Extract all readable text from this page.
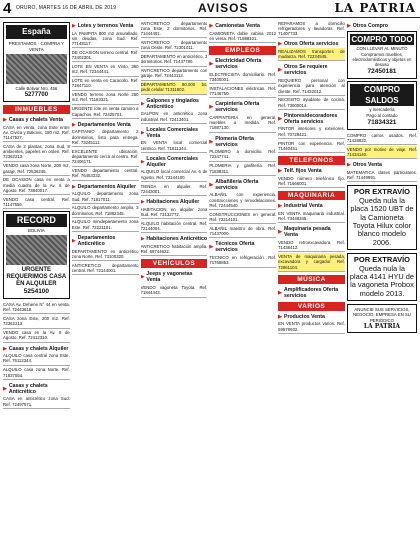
4 ORURO, MARTES 16 DE ABRIL DE 2019	AVISOS	LA PATRIA
España
PRESTAMOS · COMPRA Y VENTA
Calle Bolivar Nro. 456
5277700
INMUEBLES
▶ Casas y chalets Venta
CASA en venta, zona Este entre Av. Cívica y Bakovic, 180 m2. Ref. 71147527.
CASA de 2 plantas, zona Sud, 8 ambientes, papeles en orden. Ref. 72362213.
VENDO casa zona Norte, 200 m2, garaje. Ref. 72536245.
DE OCASION casa en venta a media cuadra de la Av. 6 de Agosto. Ref. 73840017.
VENDO casa central, Ref. 71147556.
RECORD
BOLIVIA
URGENTE REQUERIMOS CASA EN ALQUILER
5254100
CASA Av. Dehene N° 44 en venta. Ref. 72443618.
CASA zona Este, 200 m2. Ref. 72362213.
VENDO casa en la Av. 6 de Agosto. Ref. 72412310.
▶ Casas y chalets Alquiler
ALQUILO casa central zona Este. Ref. 76112344.
ALQUILO casa zona Norte. Ref. 71837554.
▶ Casas y chalets Anticrético
CASA en anticrético zona Sud. Ref. 72497571.
▶ Lotes y terrenos Venta
LA PAMPITA 800 m2 amurallado, sin deudas, zona Sud. Ref. 77148117.
DE OCASION terreno central. Ref. 73402301.
LOTE EN VENTA en Vinto, 360 m2. Ref. 72344441.
LOTE en venta en Caracollo. Ref. 71847110.
VENDO terreno zona Norte 250 m2. Ref. 71163321.
URGENTE lote en venta camino a Capachos. Ref. 72425701.
▶ Departamentos Venta
CAPITANIO departamento 2 dormitorios, listo para entrega. Ref. 73245111.
EXCELENTE ubicación, departamento cerca al centro. Ref. 72406171.
VENDO departamento central. Ref. 76453332.
▶ Departamentos Alquiler
ALQUILO departamento zona Sud. Ref. 71817011.
ALQUILO departamento amplio, 3 dormitorios. Ref. 71882345.
ALQUILO minidepartamento zona Este. Ref. 72221101.
▶ Departamentos Anticrético
DEPARTAMENTO en anticrético zona Norte. Ref. 73100320.
ANTICRETICO departamento central. Ref. 72144001.
ANTICRETICO departamento zona Este, 2 dormitorios. Ref. 71444401.
ANTICRETICO departamento zona Oeste. Ref. 72301011.
DEPARTAMENTO en anticrético, 3 dormitorios. Ref. 71437780.
ANTICRETICO departamento con garaje. Ref. 72443112.
DEPARTAMENTO 80.000 bs. pedir celular 71311802.
▶ Galpones y tinglados Anticrético
GALPON en anticrético zona industrial. Ref. 72413401.
▶ Locales Comerciales Venta
EN VENTA local comercial céntrico. Ref. 71811344.
▶ Locales Comerciales Alquiler
ALQUILO local comercial Av. 6 de Agosto. Ref. 73144100.
TIENDA en alquiler. Ref. 72443001.
▶ Habitaciones Alquiler
HABITACION en alquiler zona Sud. Ref. 73132772.
ALQUILO habitación central. Ref. 72144004.
▶ Habitaciones Anticrético
ANTICRETICO habitación amplia. Ref. 69744622.
VEHÍCULOS
▶ Jeeps y vagonetas Venta
VENDO vagoneta Toyota. Ref. 71844443.
▶ Camionetas Venta
CAMIONETA doble cabina 2012 en venta. Ref. 71888101.
EMPLEOS
▶ Electricidad Oferta servicios
ELECTRICISTA domiciliario. Ref. 73400001.
INSTALACIONES eléctricas. Ref. 77146750.
▶ Carpintería Oferta servicios
CARPINTERIA en general, muebles a medida. Ref. 71887130.
▶ Plomería Oferta servicios
PLOMERO a domicilio. Ref. 72347741.
PLOMERIA y gasfitería. Ref. 71838311.
▶ Albañilería Oferta servicios
ALBAÑIL con experiencia, construcciones y remodelaciones. Ref. 72444540.
CONSTRUCCIONES en general. Ref. 73214101.
ALBAÑIL maestro de obra. Ref. 71437000.
▶ Técnicos Oferta servicios
TECNICO en refrigeración. Ref. 71768853.
REPARAMOS a domicilio refrigeradores y lavadoras. Ref. 71407733.
▶ Otros Oferta servicios
REALIZAMOS transportes de mudanza. Ref. 72234545.
▶ Otros Se requiere servicios
REQUIERO personal con experiencia para atención al cliente. Ref. 71432012.
NECESITO ayudante de cocina. Ref. 73000014.
▶ Pintores/decoradores Oferta servicios
PINTOR interiores y exteriores. Ref. 70728421.
PINTOR con experiencia. Ref. 71440451.
TELEFONOS
▶ Telf. fijos Venta
VENDO número telefónico fijo. Ref. 71666001.
MAQUINARIA
▶ Industrial Venta
EN VENTA maquinaria industrial. Ref. 73448345.
▶ Maquinaria pesada Venta
VENDO retroexcavadora. Ref. 71438412.
VENTA de maquinaria pesada, excavadora y cargador. Ref. 72861104.
MÚSICA
▶ Amplificadores Oferta servicios
VARIOS
▶ Productos Venta
EN VENTA productos varios. Ref. 69578932.
▶ Otros Compro
COMPRO TODO
CON LLEVAR AL MINUTO
Compramos muebles, electrodomésticos y objetos en desuso
72450181
COMPRO SALDOS
y mercadería
Pago al contado
71834321
COMPRO carros usados. Ref. 71428832.
VENDO por motivo de viaje. Ref. 71434140.
▶ Otros Venta
MATEMATICA clases particulares. Ref. 71449991.
POR EXTRAVÍO
Queda nula la placa 1520 UBT de la Camioneta Toyota Hilux color blanco modelo 2006.
POR EXTRAVÍO
Queda nula la placa 4141 HYU de la vagoneta Probox modelo 2013.
ANUNCIE SUS SERVICIOS, NEGOCIO, EMPRESA EN SU PERIODICO
LA PATRIA
